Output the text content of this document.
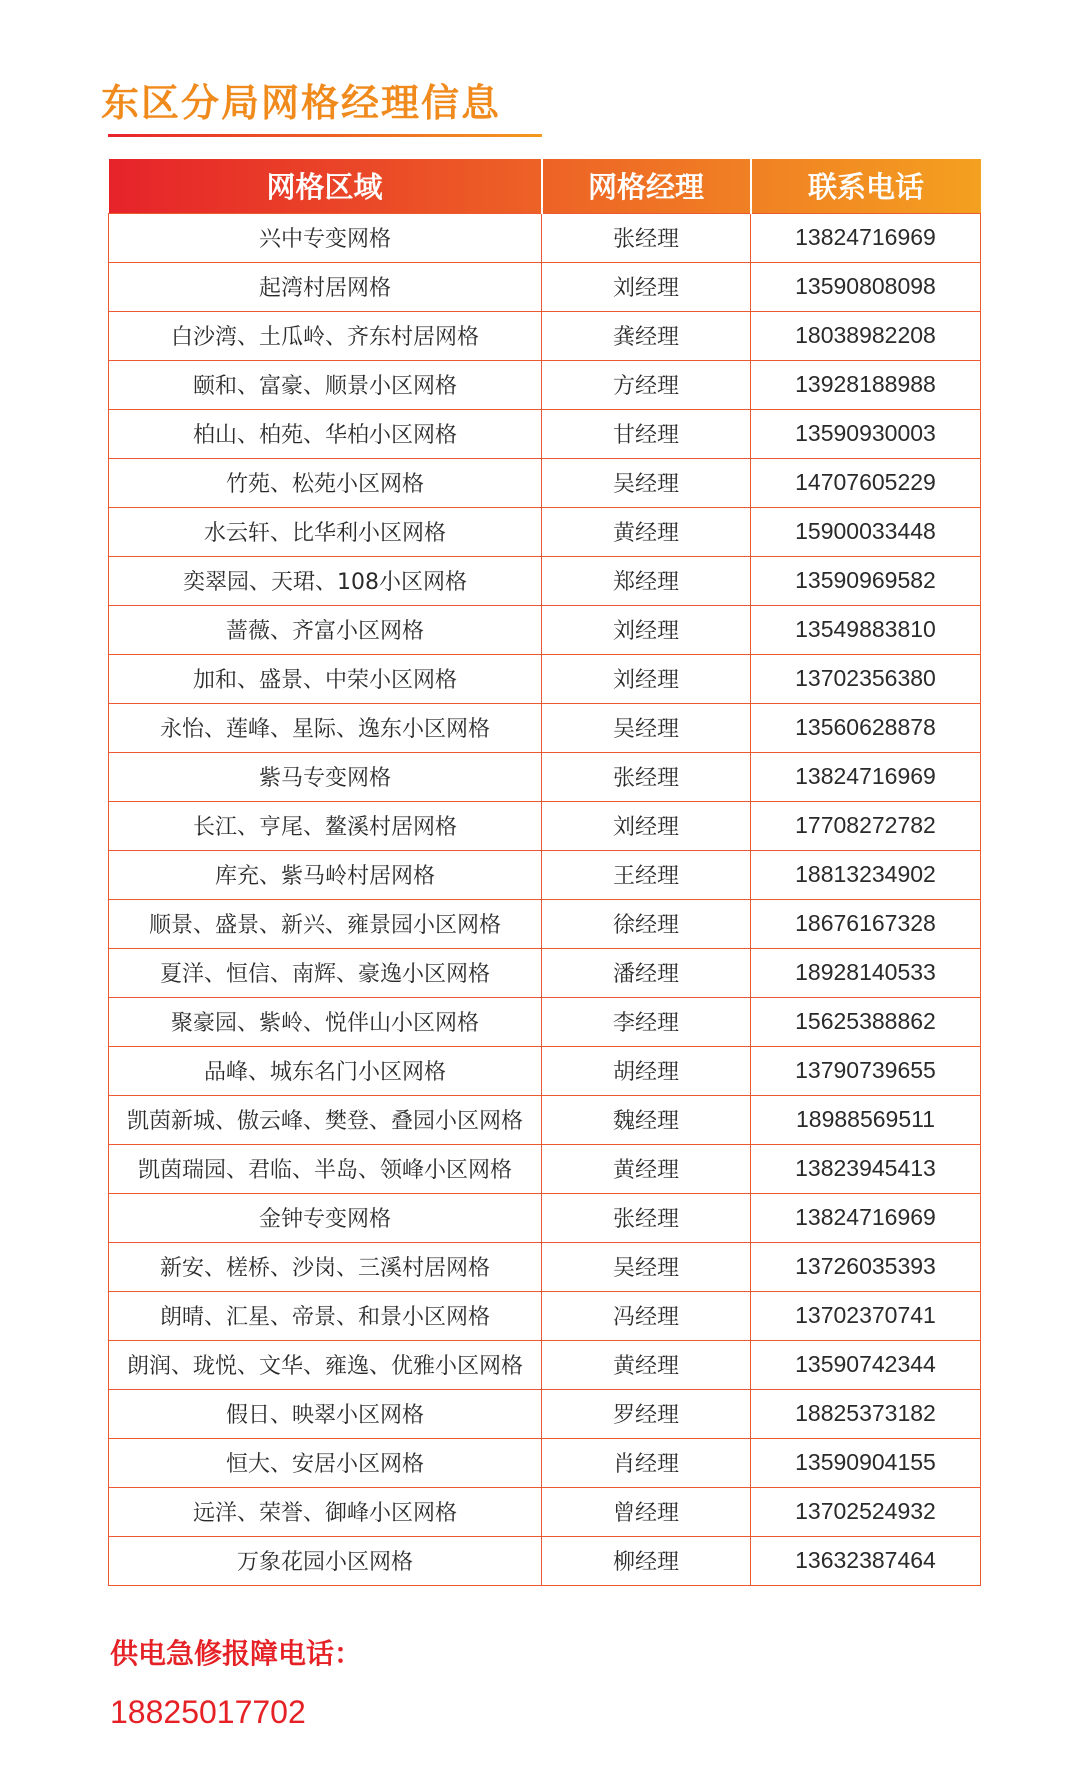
东区分局网格经理信息
网格区域	网格经理	联系电话
兴中专变网格	张经理	13824716969
起湾村居网格	刘经理	13590808098
白沙湾、土瓜岭、齐东村居网格	龚经理	18038982208
颐和、富豪、顺景小区网格	方经理	13928188988
柏山、柏苑、华柏小区网格	甘经理	13590930003
竹苑、松苑小区网格	吴经理	14707605229
水云轩、比华利小区网格	黄经理	15900033448
奕翠园、天珺、108小区网格	郑经理	13590969582
蔷薇、齐富小区网格	刘经理	13549883810
加和、盛景、中荣小区网格	刘经理	13702356380
永怡、莲峰、星际、逸东小区网格	吴经理	13560628878
紫马专变网格	张经理	13824716969
长江、亨尾、鳌溪村居网格	刘经理	17708272782
库充、紫马岭村居网格	王经理	18813234902
顺景、盛景、新兴、雍景园小区网格	徐经理	18676167328
夏洋、恒信、南辉、豪逸小区网格	潘经理	18928140533
聚豪园、紫岭、悦伴山小区网格	李经理	15625388862
品峰、城东名门小区网格	胡经理	13790739655
凯茵新城、傲云峰、樊登、叠园小区网格	魏经理	18988569511
凯茵瑞园、君临、半岛、领峰小区网格	黄经理	13823945413
金钟专变网格	张经理	13824716969
新安、槎桥、沙岗、三溪村居网格	吴经理	13726035393
朗晴、汇星、帝景、和景小区网格	冯经理	13702370741
朗润、珑悦、文华、雍逸、优雅小区网格	黄经理	13590742344
假日、映翠小区网格	罗经理	18825373182
恒大、安居小区网格	肖经理	13590904155
远洋、荣誉、御峰小区网格	曾经理	13702524932
万象花园小区网格	柳经理	13632387464
供电急修报障电话：
18825017702
